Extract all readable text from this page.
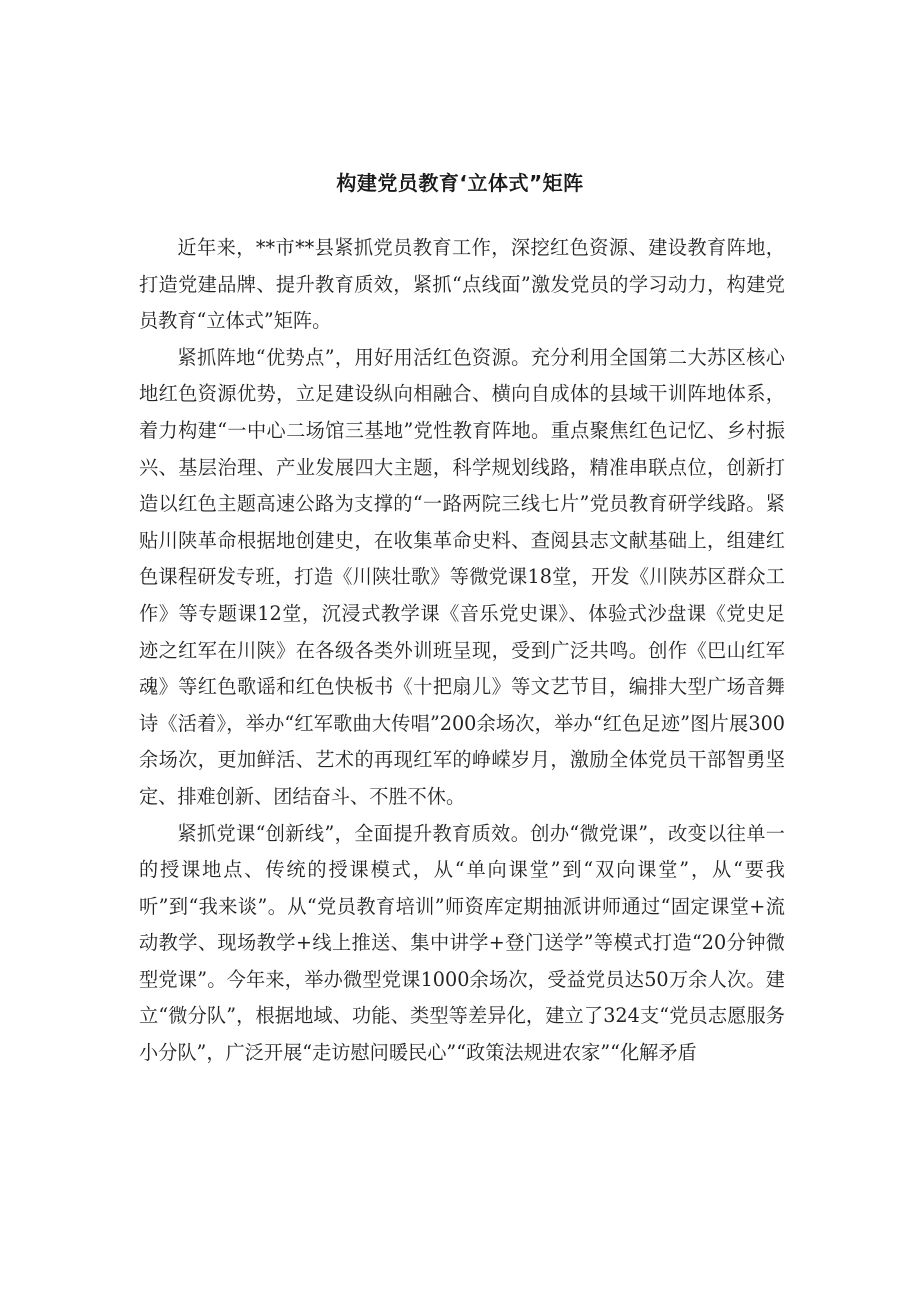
构建党员教育‘立体式”矩阵

近年来，**市**县紧抓党员教育工作，深挖红色资源、建设教育阵地，打造党建品牌、提升教育质效，紧抓“点线面”激发党员的学习动力，构建党员教育“立体式”矩阵。

紧抓阵地“优势点”，用好用活红色资源。充分利用全国第二大苏区核心地红色资源优势，立足建设纵向相融合、横向自成体的县域干训阵地体系，着力构建“一中心二场馆三基地”党性教育阵地。重点聚焦红色记忆、乡村振兴、基层治理、产业发展四大主题，科学规划线路，精准串联点位，创新打造以红色主题高速公路为支撑的“一路两院三线七片”党员教育研学线路。紧贴川陕革命根据地创建史，在收集革命史料、查阅县志文献基础上，组建红色课程研发专班，打造《川陕壮歌》等微党课18堂，开发《川陕苏区群众工作》等专题课12堂，沉浸式教学课《音乐党史课》、体验式沙盘课《党史足迹之红军在川陕》在各级各类外训班呈现，受到广泛共鸣。创作《巴山红军魂》等红色歌谣和红色快板书《十把扇儿》等文艺节目，编排大型广场音舞诗《活着》，举办“红军歌曲大传唱”200余场次，举办“红色足迹”图片展300余场次，更加鲜活、艺术的再现红军的峥嵘岁月，激励全体党员干部智勇坚定、排难创新、团结奋斗、不胜不休。

紧抓党课“创新线”，全面提升教育质效。创办“微党课”，改变以往单一的授课地点、传统的授课模式，从“单向课堂”到“双向课堂”，从“要我听”到“我来谈”。从“党员教育培训”师资库定期抽派讲师通过“固定课堂+流动教学、现场教学+线上推送、集中讲学+登门送学”等模式打造“20分钟微型党课”。今年来，举办微型党课1000余场次，受益党员达50万余人次。建立“微分队”，根据地域、功能、类型等差异化，建立了324支“党员志愿服务小分队”，广泛开展“走访慰问暖民心”“政策法规进农家”“化解矛盾
